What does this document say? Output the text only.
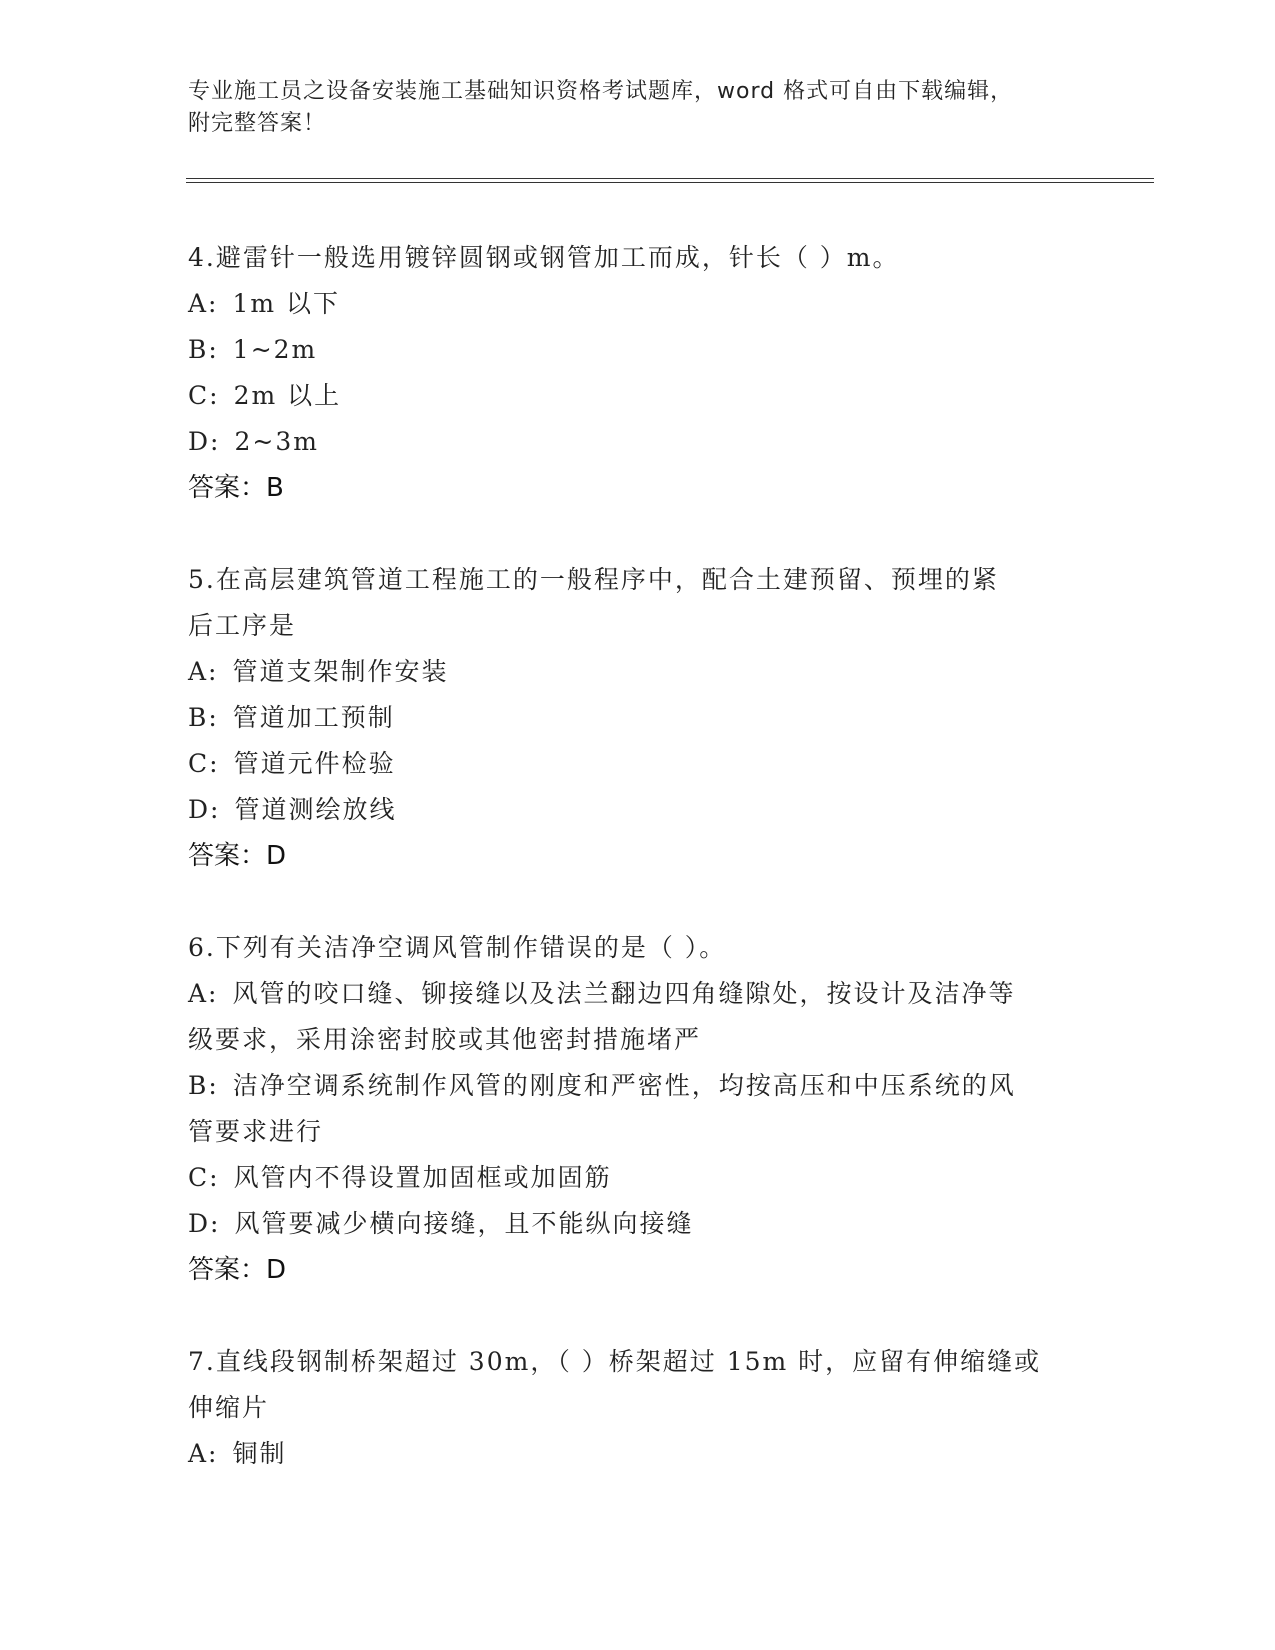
专业施工员之设备安装施工基础知识资格考试题库，word 格式可自由下载编辑，
附完整答案！

4.避雷针一般选用镀锌圆钢或钢管加工而成，针长（ ）m。

A: 1m 以下

B: 1~2m

C: 2m 以上

D: 2~3m

答案：B

5.在高层建筑管道工程施工的一般程序中，配合土建预留、预埋的紧

后工序是

A: 管道支架制作安装

B: 管道加工预制

C: 管道元件检验

D: 管道测绘放线

答案：D

6.下列有关洁净空调风管制作错误的是（ ）。

A: 风管的咬口缝、铆接缝以及法兰翻边四角缝隙处，按设计及洁净等

级要求，采用涂密封胶或其他密封措施堵严

B: 洁净空调系统制作风管的刚度和严密性，均按高压和中压系统的风

管要求进行

C: 风管内不得设置加固框或加固筋

D: 风管要减少横向接缝，且不能纵向接缝

答案：D

7.直线段钢制桥架超过 30m，（ ）桥架超过 15m 时，应留有伸缩缝或

伸缩片

A: 铜制
